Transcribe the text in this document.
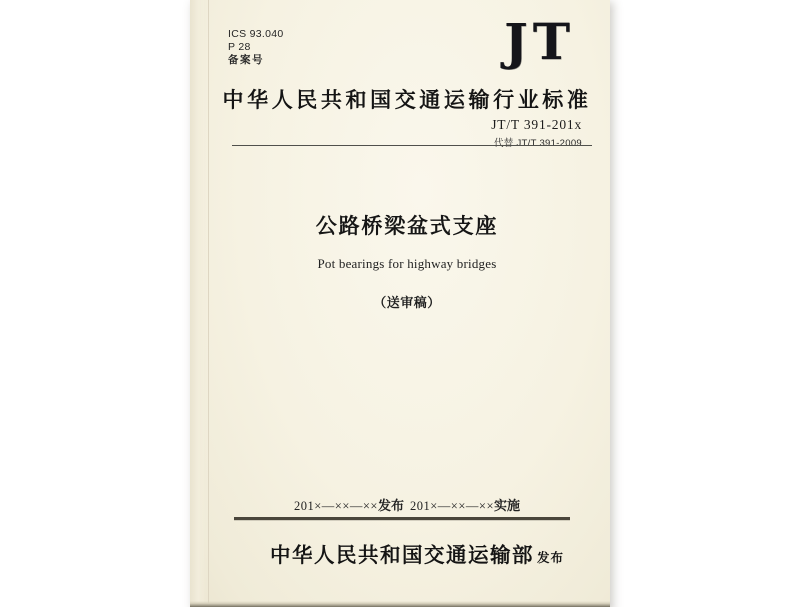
ICS 93.040
P 28
备案号	JT
中华人民共和国交通运输行业标准
JT/T 391-201x
代替 JT/T 391-2009
公路桥梁盆式支座
Pot bearings for highway bridges
（送审稿）
201×—××—××发布 201×—××—××实施
中华人民共和国交通运输部 发布
